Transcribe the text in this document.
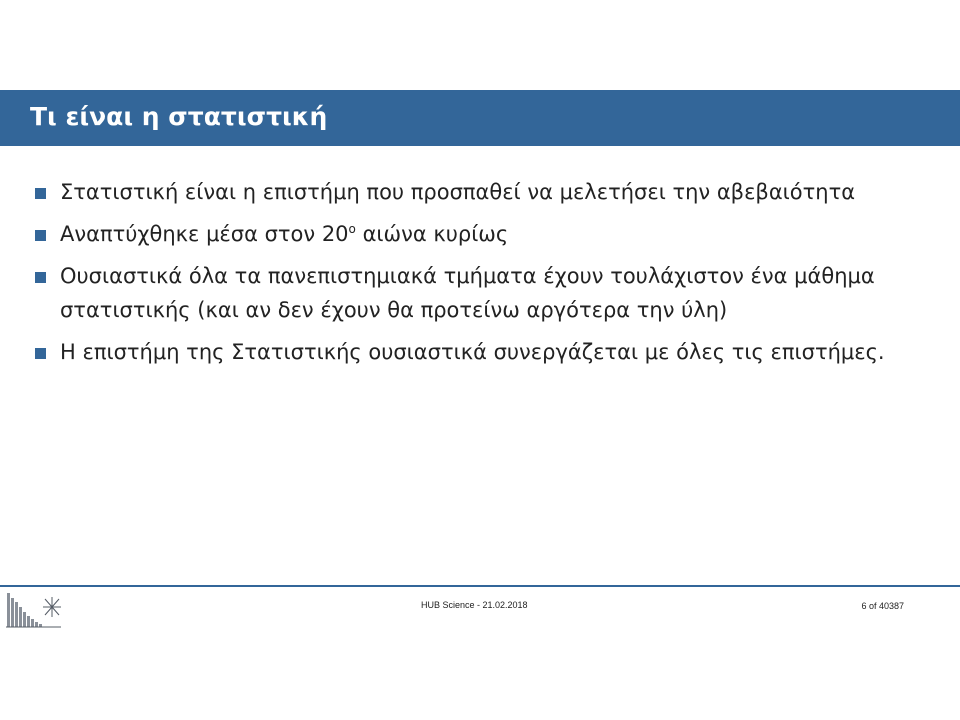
Τι είναι η στατιστική
Στατιστική είναι η επιστήμη που προσπαθεί να μελετήσει την αβεβαιότητα
Αναπτύχθηκε μέσα στον $20^o$ αιώνα κυρίως
Ουσιαστικά όλα τα πανεπιστημιακά τμήματα έχουν τουλάχιστον ένα μάθημα στατιστικής (και αν δεν έχουν θα προτείνω αργότερα την ύλη)
Η επιστήμη της Στατιστικής ουσιαστικά συνεργάζεται με όλες τις επιστήμες.
HUB Science - 21.02.2018	6 of 40387
